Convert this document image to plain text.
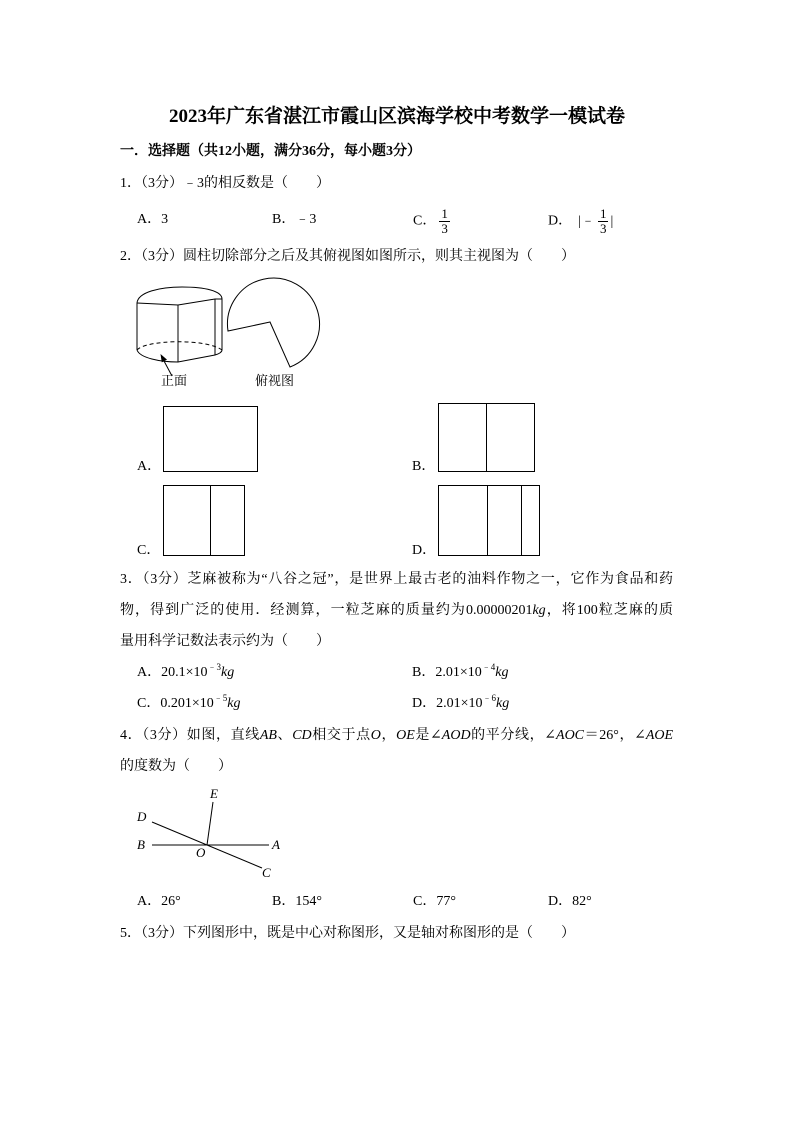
2023年广东省湛江市霞山区滨海学校中考数学一模试卷
一．选择题（共12小题，满分36分，每小题3分）
1．（3分）﹣3的相反数是（　　）
A．3	B．﹣3	C． $\frac{1}{3}$	D． |﹣ $\frac{1}{3}$ |
2．（3分）圆柱切除部分之后及其俯视图如图所示，则其主视图为（　　）
正面	俯视图
A．	B．
C．	D．
3．（3分）芝麻被称为“八谷之冠”，是世界上最古老的油料作物之一，它作为食品和药
物，得到广泛的使用．经测算，一粒芝麻的质量约为0.00000201kg，将100粒芝麻的质
量用科学记数法表示约为（　　）
A．$20.1\times 10^{﹣3}kg$	B．$2.01\times 10^{﹣4}kg$
C．$0.201\times 10^{﹣5}kg$	D．$2.01\times 10^{﹣6}kg$
4．（3分）如图，直线AB、CD相交于点O，OE是∠AOD的平分线，∠AOC＝26°，∠AOE
的度数为（　　）
D
B
O
A
C
E
A．26°	B．154°	C．77°	D．82°
5．（3分）下列图形中，既是中心对称图形，又是轴对称图形的是（　　）
